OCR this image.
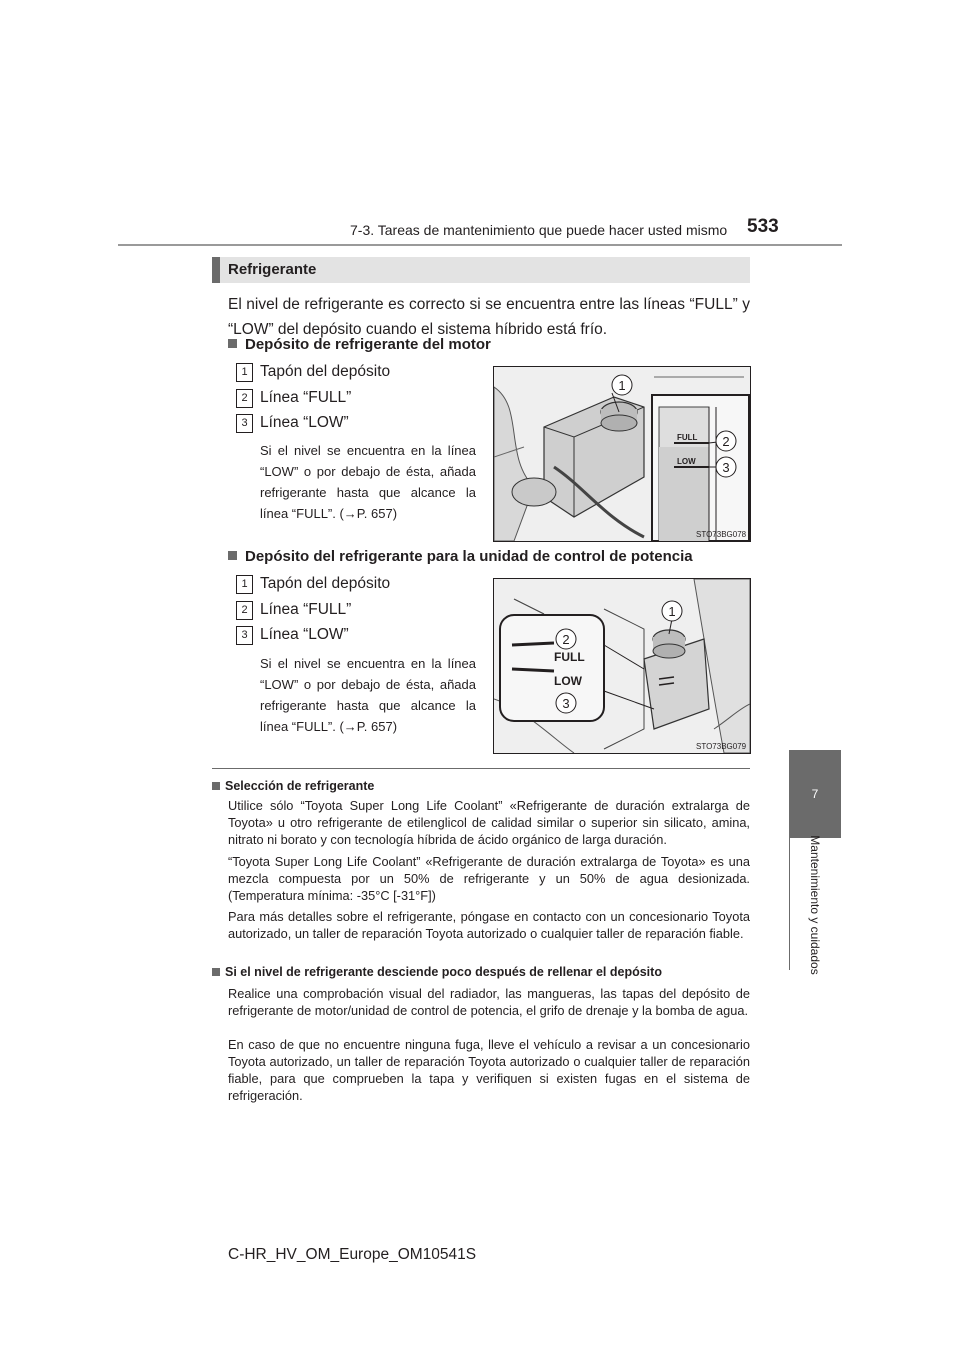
7-3. Tareas de mantenimiento que puede hacer usted mismo 533
7
Mantenimiento y cuidados
Refrigerante
El nivel de refrigerante es correcto si se encuentra entre las líneas “FULL” y “LOW” del depósito cuando el sistema híbrido está frío.
Depósito de refrigerante del motor
1 Tapón del depósito
2 Línea “FULL”
3 Línea “LOW”
Si el nivel se encuentra en la línea “LOW” o por debajo de ésta, añada refrigerante hasta que alcance la línea “FULL”. (→P. 657)
FULL
LOW
1
2
3
STO73BG078
Depósito del refrigerante para la unidad de control de potencia
1 Tapón del depósito
2 Línea “FULL”
3 Línea “LOW”
Si el nivel se encuentra en la línea “LOW” o por debajo de ésta, añada refrigerante hasta que alcance la línea “FULL”. (→P. 657)
FULL
LOW
1
2
3
STO73BG079
Selección de refrigerante
Utilice sólo “Toyota Super Long Life Coolant” «Refrigerante de duración extralarga de Toyota» u otro refrigerante de etilenglicol de calidad similar o superior sin silicato, amina, nitrato ni borato y con tecnología híbrida de ácido orgánico de larga duración.
“Toyota Super Long Life Coolant” «Refrigerante de duración extralarga de Toyota» es una mezcla compuesta por un 50% de refrigerante y un 50% de agua desionizada. (Temperatura mínima: -35°C [-31°F])
Para más detalles sobre el refrigerante, póngase en contacto con un concesionario Toyota autorizado, un taller de reparación Toyota autorizado o cualquier taller de reparación fiable.
Si el nivel de refrigerante desciende poco después de rellenar el depósito
Realice una comprobación visual del radiador, las mangueras, las tapas del depósito de refrigerante de motor/unidad de control de potencia, el grifo de drenaje y la bomba de agua.
En caso de que no encuentre ninguna fuga, lleve el vehículo a revisar a un concesionario Toyota autorizado, un taller de reparación Toyota autorizado o cualquier taller de reparación fiable, para que comprueben la tapa y verifiquen si existen fugas en el sistema de refrigeración.
C-HR_HV_OM_Europe_OM10541S
